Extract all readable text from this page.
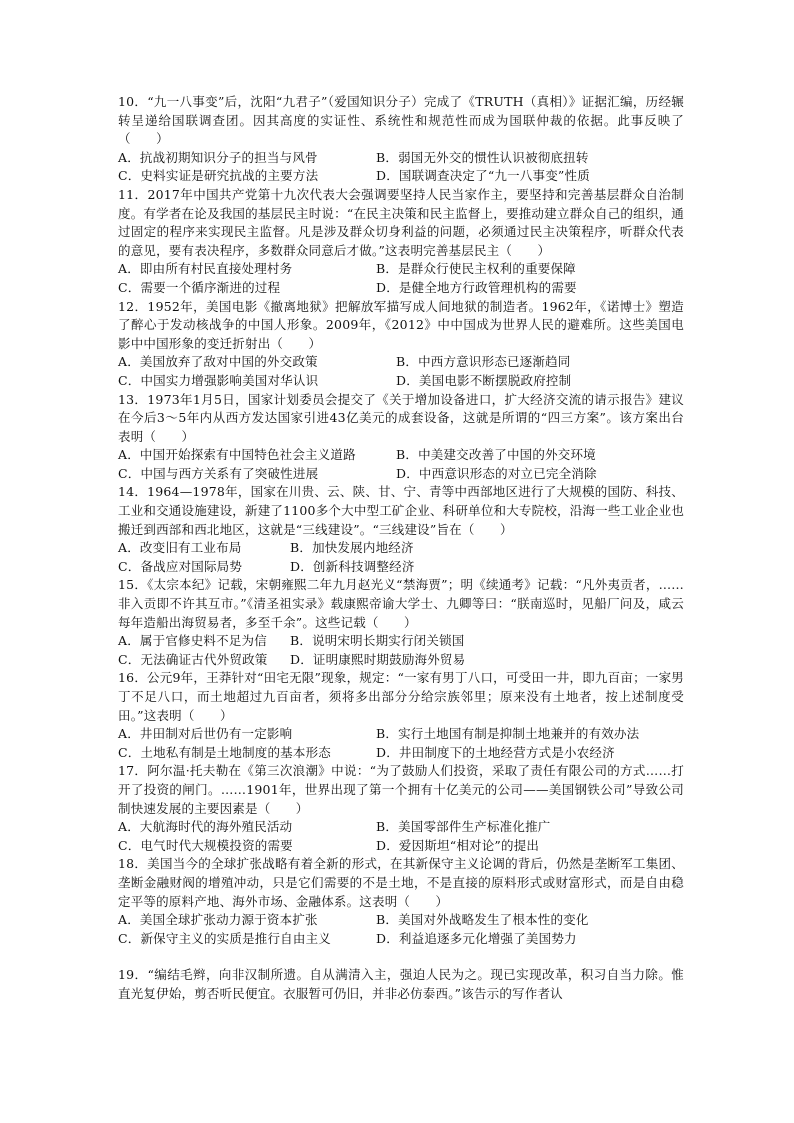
10．“九一八事变”后，沈阳“九君子”（爱国知识分子）完成了《TRUTH（真相）》证据汇编，历经辗转呈递给国联调查团。因其高度的实证性、系统性和规范性而成为国联仲裁的依据。此事反映了（　　）

A．抗战初期知识分子的担当与风骨	B．弱国无外交的惯性认识被彻底扭转
C．史料实证是研究抗战的主要方法	D．国联调查决定了“九一八事变”性质

11．2017年中国共产党第十九次代表大会强调要坚持人民当家作主，要坚持和完善基层群众自治制度。有学者在论及我国的基层民主时说：“在民主决策和民主监督上，要推动建立群众自己的组织，通过固定的程序来实现民主监督。凡是涉及群众切身利益的问题，必须通过民主决策程序，听群众代表的意见，要有表决程序，多数群众同意后才做。”这表明完善基层民主（　　）

A．即由所有村民直接处理村务	B．是群众行使民主权利的重要保障
C．需要一个循序渐进的过程	D．是健全地方行政管理机构的需要

12．1952年，美国电影《撤离地狱》把解放军描写成人间地狱的制造者。1962年，《诺博士》塑造了醉心于发动核战争的中国人形象。2009年，《2012》中中国成为世界人民的避难所。这些美国电影中中国形象的变迁折射出（　　）

A．美国放弃了敌对中国的外交政策	B．中西方意识形态已逐渐趋同
C．中国实力增强影响美国对华认识	D．美国电影不断摆脱政府控制

13．1973年1月5日，国家计划委员会提交了《关于增加设备进口，扩大经济交流的请示报告》建议在今后3～5年内从西方发达国家引进43亿美元的成套设备，这就是所谓的“四三方案”。该方案出台表明（　　）

A．中国开始探索有中国特色社会主义道路	B．中美建交改善了中国的外交环境
C．中国与西方关系有了突破性进展	D．中西意识形态的对立已完全消除

14．1964—1978年，国家在川贵、云、陕、甘、宁、青等中西部地区进行了大规模的国防、科技、工业和交通设施建设，新建了1100多个大中型工矿企业、科研单位和大专院校，沿海一些工业企业也搬迁到西部和西北地区，这就是“三线建设”。“三线建设”旨在（　　）

A．改变旧有工业布局	B．加快发展内地经济
C．备战应对国际局势	D．创新科技调整经济

15．《太宗本纪》记载，宋朝雍熙二年九月赵光义“禁海贾”；明《续通考》记载：“凡外夷贡者，……非入贡即不许其互市。”《清圣祖实录》载康熙帝谕大学士、九卿等曰：“朕南巡时，见船厂问及，咸云每年造船出海贸易者，多至千余”。这些记载（　　）

A．属于官修史料不足为信	B．说明宋明长期实行闭关锁国
C．无法确证古代外贸政策	D．证明康熙时期鼓励海外贸易

16．公元9年，王莽针对“田宅无限”现象，规定：“一家有男丁八口，可受田一井，即九百亩；一家男丁不足八口，而土地超过九百亩者，须将多出部分分给宗族邻里；原来没有土地者，按上述制度受田。”这表明（　　）

A．井田制对后世仍有一定影响	B．实行土地国有制是抑制土地兼并的有效办法
C．土地私有制是土地制度的基本形态	D．井田制度下的土地经营方式是小农经济

17．阿尔温·托夫勒在《第三次浪潮》中说：“为了鼓励人们投资，采取了责任有限公司的方式……打开了投资的闸门。……1901年，世界出现了第一个拥有十亿美元的公司——美国钢铁公司”导致公司制快速发展的主要因素是（　　）

A．大航海时代的海外殖民活动	B．美国零部件生产标准化推广
C．电气时代大规模投资的需要	D．爱因斯坦“相对论”的提出

18．美国当今的全球扩张战略有着全新的形式，在其新保守主义论调的背后，仍然是垄断军工集团、垄断金融财阀的增殖冲动，只是它们需要的不是土地，不是直接的原料形式或财富形式，而是自由稳定平等的原料产地、海外市场、金融体系。这表明（　　）

A．美国全球扩张动力源于资本扩张	B．美国对外战略发生了根本性的变化
C．新保守主义的实质是推行自由主义	D．利益追逐多元化增强了美国势力

19．“编结毛辫，向非汉制所遗。自从满清入主，强迫人民为之。现已实现改革，积习自当力除。惟直光复伊始，剪否听民便宜。衣服暂可仍旧，并非必仿泰西。”该告示的写作者认
